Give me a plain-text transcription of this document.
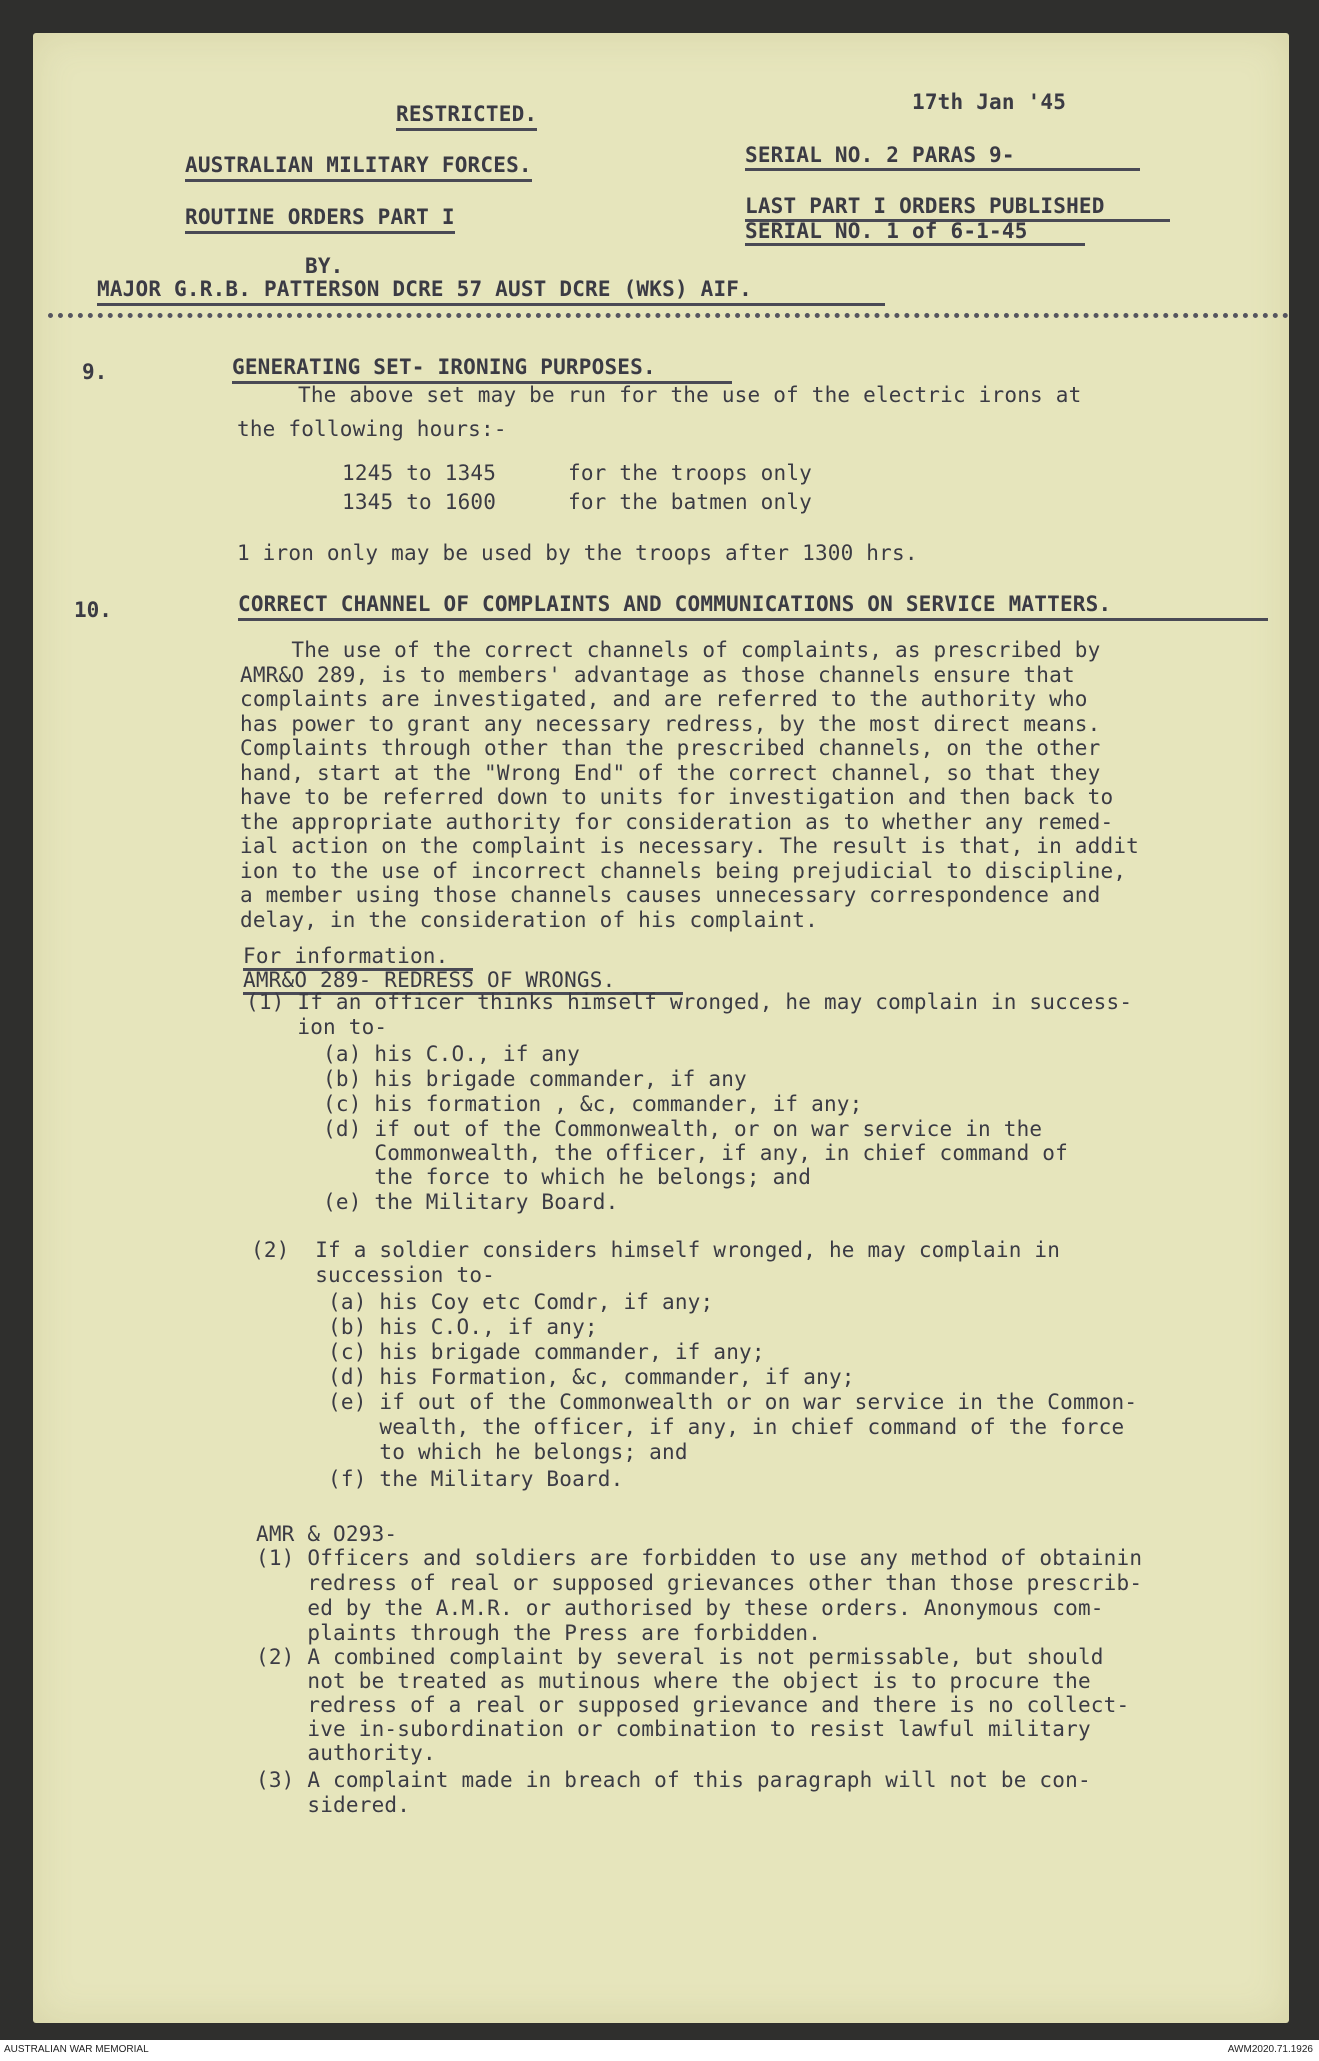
RESTRICTED.	17th Jan '45
AUSTRALIAN MILITARY FORCES.	SERIAL NO. 2 PARAS 9-
ROUTINE ORDERS PART I	LAST PART I ORDERS PUBLISHED
SERIAL NO. 1 of 6-1-45
BY.
MAJOR G.R.B. PATTERSON DCRE 57 AUST DCRE (WKS) AIF.
9.	GENERATING SET- IRONING PURPOSES.
The above set may be run for the use of the electric irons at
the following hours:-
1245 to 1345	for the troops only
1345 to 1600	for the batmen only
1 iron only may be used by the troops after 1300 hrs.
10.	CORRECT CHANNEL OF COMPLAINTS AND COMMUNICATIONS ON SERVICE MATTERS.
The use of the correct channels of complaints, as prescribed by
AMR&O 289, is to members' advantage as those channels ensure that
complaints are investigated, and are referred to the authority who
has power to grant any necessary redress, by the most direct means.
Complaints through other than the prescribed channels, on the other
hand, start at the "Wrong End" of the correct channel, so that they
have to be referred down to units for investigation and then back to
the appropriate authority for consideration as to whether any remed-
ial action on the complaint is necessary. The result is that, in addit
ion to the use of incorrect channels being prejudicial to discipline,
a member using those channels causes unnecessary correspondence and
delay, in the consideration of his complaint.
For information.
AMR&O 289- REDRESS OF WRONGS.
(1) If an officer thinks himself wronged, he may complain in success-
ion to-
(a) his C.O., if any
(b) his brigade commander, if any
(c) his formation , &c, commander, if any;
(d) if out of the Commonwealth, or on war service in the
Commonwealth, the officer, if any, in chief command of
the force to which he belongs; and
(e) the Military Board.
(2)  If a soldier considers himself wronged, he may complain in
succession to-
(a) his Coy etc Comdr, if any;
(b) his C.O., if any;
(c) his brigade commander, if any;
(d) his Formation, &c, commander, if any;
(e) if out of the Commonwealth or on war service in the Common-
wealth, the officer, if any, in chief command of the force
to which he belongs; and
(f) the Military Board.
AMR & O293-
(1) Officers and soldiers are forbidden to use any method of obtainin
redress of real or supposed grievances other than those prescrib-
ed by the A.M.R. or authorised by these orders. Anonymous com-
plaints through the Press are forbidden.
(2) A combined complaint by several is not permissable, but should
not be treated as mutinous where the object is to procure the
redress of a real or supposed grievance and there is no collect-
ive in-subordination or combination to resist lawful military
authority.
(3) A complaint made in breach of this paragraph will not be con-
sidered.
AUSTRALIAN WAR MEMORIAL	AWM2020.71.1926
